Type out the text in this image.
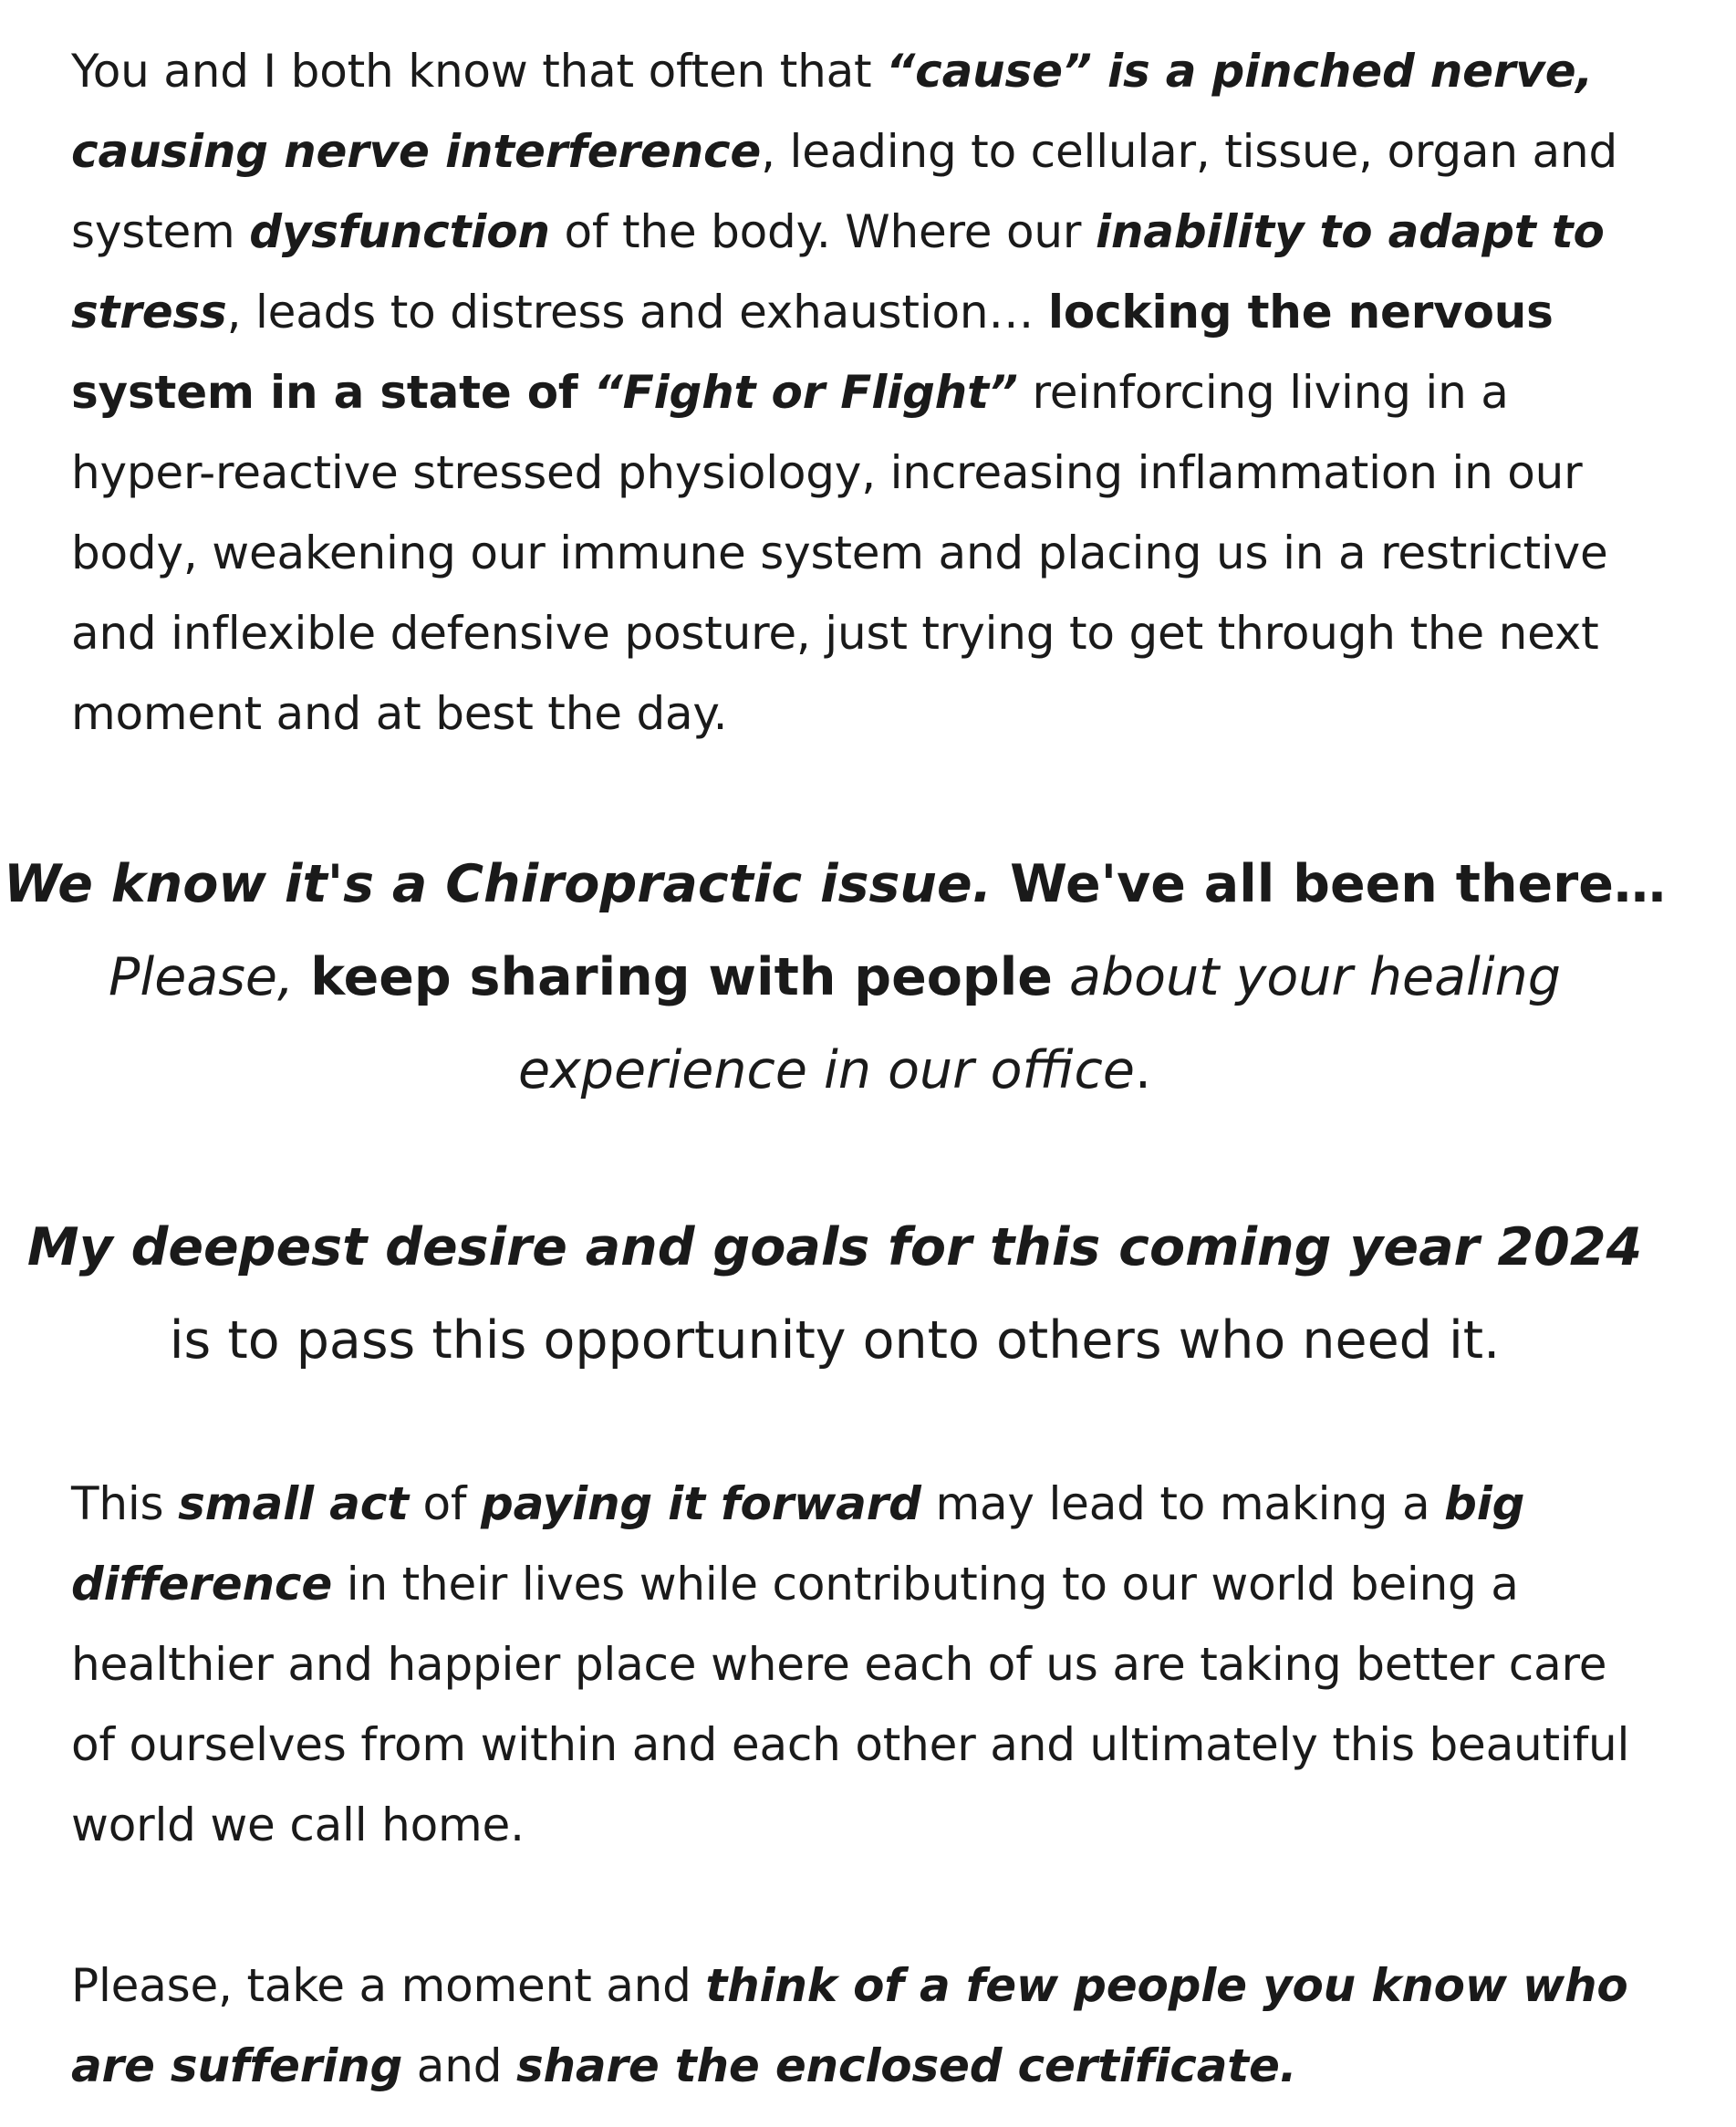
You and I both know that often that “cause” is a pinched nerve, causing nerve interference, leading to cellular, tissue, organ and system dysfunction of the body. Where our inability to adapt to stress, leads to distress and exhaustion… locking the nervous system in a state of “Fight or Flight” reinforcing living in a hyper-reactive stressed physiology, increasing inflammation in our body, weakening our immune system and placing us in a restrictive and inflexible defensive posture, just trying to get through the next moment and at best the day.

We know it's a Chiropractic issue. We've all been there…
Please, keep sharing with people about your healing
experience in our office.

My deepest desire and goals for this coming year 2024
is to pass this opportunity onto others who need it.

This small act of paying it forward may lead to making a big difference in their lives while contributing to our world being a healthier and happier place where each of us are taking better care of ourselves from within and each other and ultimately this beautiful world we call home.

Please, take a moment and think of a few people you know who are suffering and share the enclosed certificate.
